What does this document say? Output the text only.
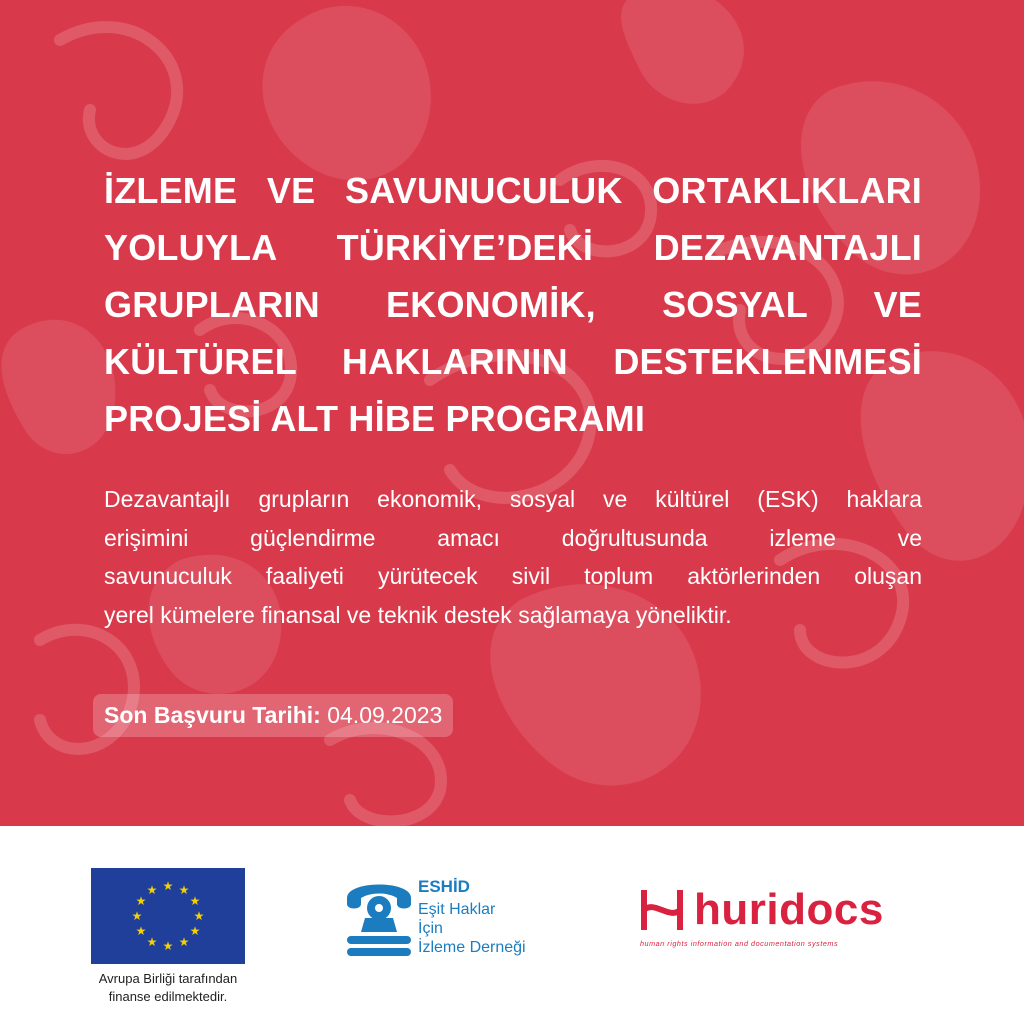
İZLEME VE SAVUNUCULUK ORTAKLIKLARI
YOLUYLA TÜRKİYE’DEKİ DEZAVANTAJLI
GRUPLARIN EKONOMİK, SOSYAL VE
KÜLTÜREL HAKLARININ DESTEKLENMESİ
PROJESİ ALT HİBE PROGRAMI

Dezavantajlı grupların ekonomik, sosyal ve kültürel (ESK) haklara
erişimini güçlendirme amacı doğrultusunda izleme ve
savunuculuk faaliyeti yürütecek sivil toplum aktörlerinden oluşan
yerel kümelere finansal ve teknik destek sağlamaya yöneliktir.

Son Başvuru Tarihi: 04.09.2023
★ ★
★
★
★
★
★
★
★
★
★
★

Avrupa Birliği tarafından
finanse edilmektedir.

ESHİD

Eşit Haklar
İçin
İzleme Derneği

huridocs

human rights information and documentation systems
